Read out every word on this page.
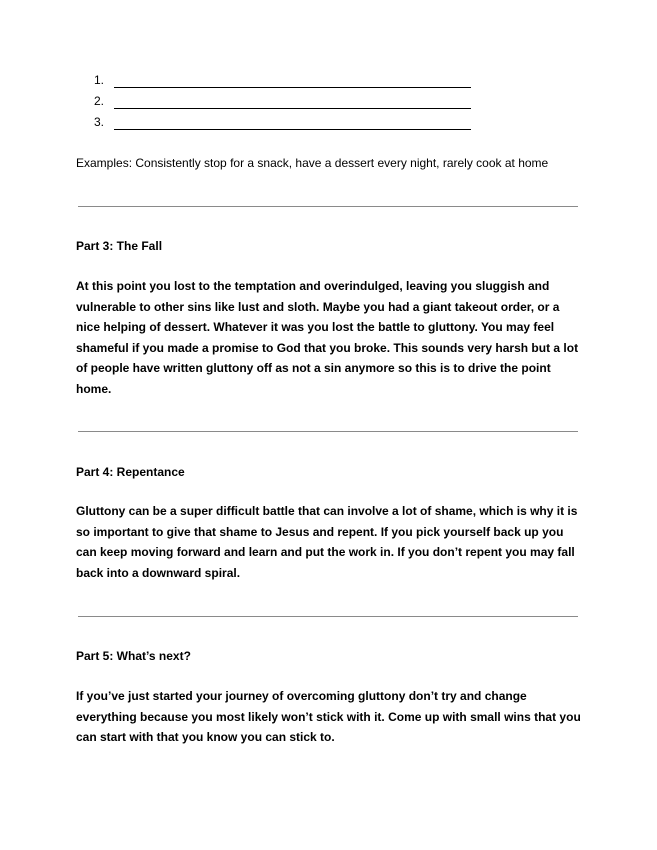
1.
2.
3.
Examples: Consistently stop for a snack, have a dessert every night, rarely cook at home
Part 3: The Fall
At this point you lost to the temptation and overindulged, leaving you sluggish and
vulnerable to other sins like lust and sloth. Maybe you had a giant takeout order, or a
nice helping of dessert. Whatever it was you lost the battle to gluttony. You may feel
shameful if you made a promise to God that you broke. This sounds very harsh but a lot
of people have written gluttony off as not a sin anymore so this is to drive the point
home.
Part 4: Repentance
Gluttony can be a super difficult battle that can involve a lot of shame, which is why it is
so important to give that shame to Jesus and repent. If you pick yourself back up you
can keep moving forward and learn and put the work in. If you don’t repent you may fall
back into a downward spiral.
Part 5: What’s next?
If you’ve just started your journey of overcoming gluttony don’t try and change
everything because you most likely won’t stick with it. Come up with small wins that you
can start with that you know you can stick to.
